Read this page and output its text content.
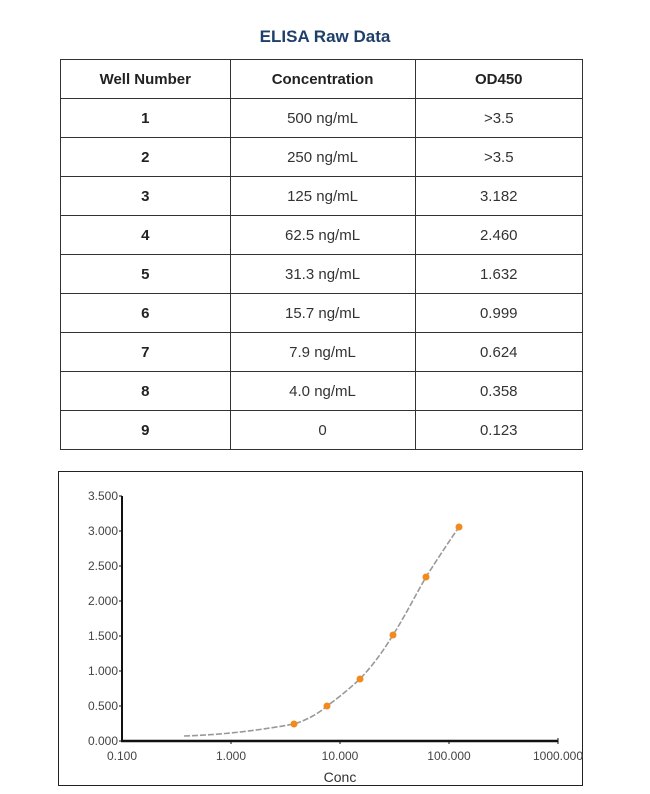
ELISA Raw Data
Well Number	Concentration	OD450
1	500 ng/mL	>3.5
2	250 ng/mL	>3.5
3	125 ng/mL	3.182
4	62.5 ng/mL	2.460
5	31.3 ng/mL	1.632
6	15.7 ng/mL	0.999
7	7.9 ng/mL	0.624
8	4.0 ng/mL	0.358
9	0	0.123
0.000
0.500
1.000
1.500
2.000
2.500
3.000
3.500
0.100	1.000	10.000	100.000	1000.000
Conc
